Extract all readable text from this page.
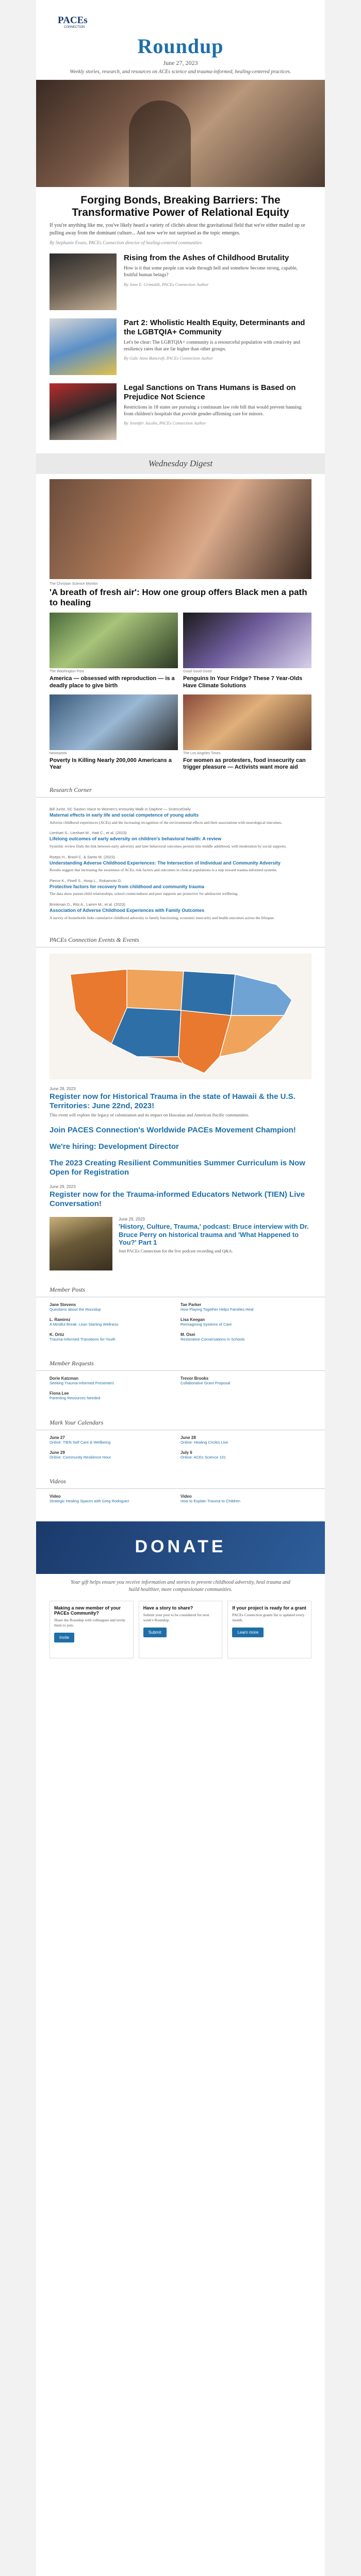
PACEs
CONNECTION
Roundup
June 27, 2023
Weekly stories, research, and resources on ACEs science and trauma-informed, healing-centered practices.
Forging Bonds, Breaking Barriers: The Transformative Power of Relational Equity

If you're anything like me, you've likely heard a variety of clichés about the gravitational field that we're either mailed up or pulling away from the dominant culture... And now we're not surprised as the topic emerges.

By Stephanie Evans, PACEs Connection director of healing-centered communities
Rising from the Ashes of Childhood Brutality

How is it that some people can wade through hell and somehow become strong, capable, fruitful human beings?

By Jane E. Grimaldi, PACEs Connection Author
Part 2: Wholistic Health Equity, Determinants and the LGBTQIA+ Community

Let's be clear: The LGBTQIA+ community is a resourceful population with creativity and resiliency rates that are far higher than other groups.

By Gale Anne Bancroft, PACEs Connection Author
Legal Sanctions on Trans Humans is Based on Prejudice Not Science

Restrictions in 18 states are pursuing a continuum law role bill that would prevent banning from children's hospitals that provide gender-affirming care for minors.

By Jennifer Jacobs, PACEs Connection Author
Wednesday Digest
The Christian Science Monitor
'A breath of fresh air': How one group offers Black men a path to healing
The Washington Post
America — obsessed with reproduction — is a deadly place to give birth
Good Good Good
Penguins In Your Fridge? These 7 Year-Olds Have Climate Solutions
Newsweek
Poverty Is Killing Nearly 200,000 Americans a Year
The Los Angeles Times
For women as protesters, food insecurity can trigger pleasure — Activists want more aid
Research Corner
Bill Jurist, SC Saxton Voice to Women's Immunity Walk in Daphne — ScienceDaily
Maternal effects in early life and social competence of young adults
Adverse childhood experiences (ACEs) and the increasing recognition of the environmental effects and their associations with neurological outcomes.
Lienhart S., Lienhart M., Hatt C., et al. (2023)
Lifelong outcomes of early adversity on children's behavioral health: A review
Systemic review finds the link between early adversity and later behavioral outcomes persists into middle adulthood, with moderation by social supports.
Roeps H., Brazil C. & Santo M. (2023)
Understanding Adverse Childhood Experiences: The Intersection of Individual and Community Adversity
Results suggest that increasing the awareness of ACEs, risk factors and outcomes in clinical populations is a step toward trauma-informed systems.
Pierce K., Pinell S., Hosp L., Rokamoto G.
Protective factors for recovery from childhood and community trauma
The data show parent-child relationships, school connectedness and peer supports are protective for adolescent wellbeing.
Brinkman D., Ritz A., Lamm M., et al. (2023)
Association of Adverse Childhood Experiences with Family Outcomes
A survey of households links cumulative childhood adversity to family functioning, economic insecurity and health outcomes across the lifespan.
PACEs Connection Events & Events
June 28, 2023
Register now for Historical Trauma in the state of Hawaii & the U.S. Territories: June 22nd, 2023!

This event will explore the legacy of colonization and its impact on Hawaiian and American Pacific communities.

Join PACES Connection's Worldwide PACEs Movement Champion!
We're hiring: Development Director
The 2023 Creating Resilient Communities Summer Curriculum is Now Open for Registration
June 29, 2023
Register now for the Trauma-informed Educators Network (TIEN) Live Conversation!
June 29, 2023
'History, Culture, Trauma,' podcast: Bruce interview with Dr. Bruce Perry on historical trauma and 'What Happened to You?' Part 1

Join PACEs Connection for the live podcast recording and Q&A.

Member Posts
Jane Stevens
Questions about the Roundup
Tae Parker
How Playing Together Helps Families Heal
L. Ramirez
A Mindful Break: Lean Starting Wellness
Lisa Keegan
Reimagining Systems of Care
K. Ortiz
Trauma-Informed Transitions for Youth
M. Osei
Restorative Conversations in Schools
Member Requests
Dorie Katzman
Seeking Trauma-Informed Presenters
Trevor Brooks
Collaborative Grant Proposal
Fiona Lee
Parenting Resources Needed
Mark Your Calendars
June 27
Online: TIEN Self Care & Wellbeing
June 28
Online: Healing Circles Live
June 29
Online: Community Resilience Hour
July 6
Online: ACEs Science 101
Videos
Video
Strategic Healing Spaces with Greg Rodriguez
Video
How to Explain Trauma to Children
DONATE
Your gift helps ensure you receive information and stories to prevent childhood adversity, heal trauma and build healthier, more compassionate communities.
Making a new member of your PACEs Community?
Share the Roundup with colleagues and invite them to join.
Invite
Have a story to share?
Submit your post to be considered for next week's Roundup.
Submit
If your project is ready for a grant
PACEs Connection grants list is updated every month.
Learn more
